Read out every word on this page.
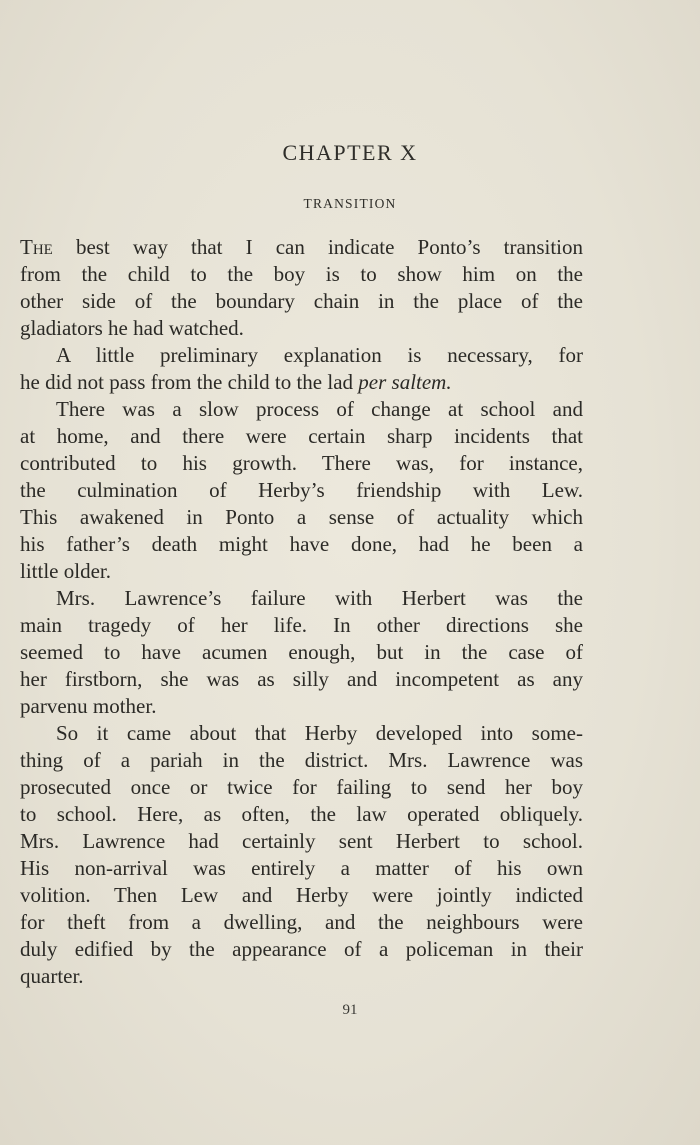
CHAPTER X
TRANSITION
The best way that I can indicate Ponto’s transition
from the child to the boy is to show him on the
other side of the boundary chain in the place of the
gladiators he had watched.
A little preliminary explanation is necessary, for
he did not pass from the child to the lad per saltem.
There was a slow process of change at school and
at home, and there were certain sharp incidents that
contributed to his growth. There was, for instance,
the culmination of Herby’s friendship with Lew.
This awakened in Ponto a sense of actuality which
his father’s death might have done, had he been a
little older.
Mrs. Lawrence’s failure with Herbert was the
main tragedy of her life. In other directions she
seemed to have acumen enough, but in the case of
her firstborn, she was as silly and incompetent as any
parvenu mother.
So it came about that Herby developed into some-
thing of a pariah in the district. Mrs. Lawrence was
prosecuted once or twice for failing to send her boy
to school. Here, as often, the law operated obliquely.
Mrs. Lawrence had certainly sent Herbert to school.
His non-arrival was entirely a matter of his own
volition. Then Lew and Herby were jointly indicted
for theft from a dwelling, and the neighbours were
duly edified by the appearance of a policeman in their
quarter.
91
